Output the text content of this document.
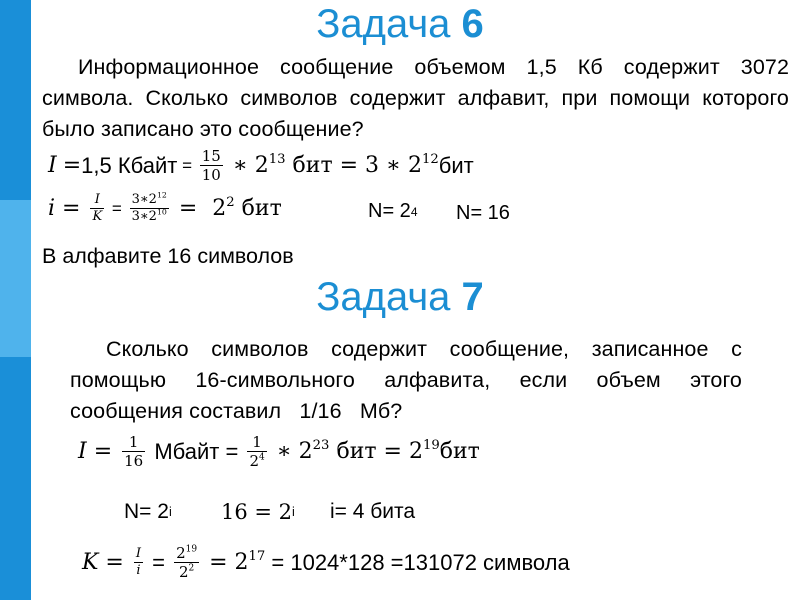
Задача 6
Информационное сообщение объемом 1,5 Кб содержит 3072 символа. Сколько символов содержит алфавит, при помощи которого было записано это сообщение?
I = 1,5 Кбайт = $\frac{15}{10}$ ∗ $2^{13}$ бит = 3 ∗ $2^{12}$ бит
$i = \frac{I}{K} = \frac{3∗2^{12}}{3∗2^{10}} = 2^2$ бит	N= 2 4 N= 16
В алфавите 16 символов
Задача 7
Сколько символов содержит сообщение, записанное с помощью 16-символьного алфавита, если объем этого сообщения составил   1/16   Мб?
$I = \frac{1}{16}$ Мбайт = $\frac{1}{2^4}$ ∗ $2^{23}$ бит = $2^{19}$ бит
N= 2 i 16 = 2 i i= 4 бита
$K = \frac{I}{i} = \frac{2^{19}}{2^2} = 2^{17} = 1024*128 =131072$ символа
